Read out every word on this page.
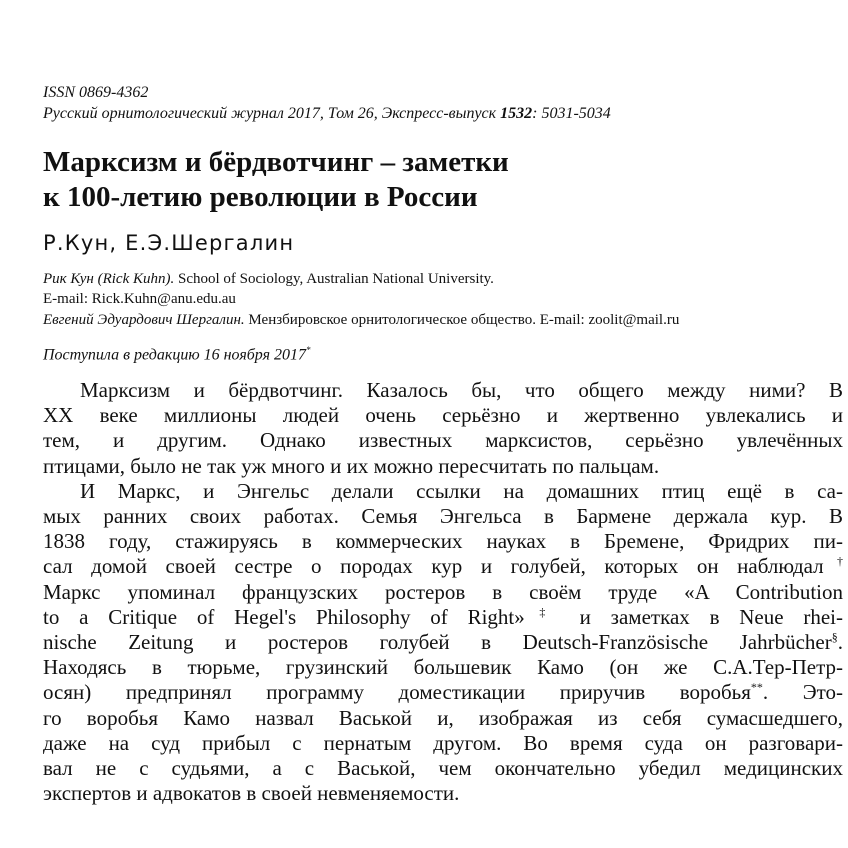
ISSN 0869-4362
Русский орнитологический журнал 2017, Том 26, Экспресс-выпуск 1532: 5031-5034
Марксизм и бёрдвотчинг – заметки
к 100-летию революции в России
Р.Кун, Е.Э.Шергалин
Рик Кун (Rick Kuhn). School of Sociology, Australian National University.
E-mail: Rick.Kuhn@anu.edu.au
Евгений Эдуардович Шергалин. Мензбировское орнитологическое общество. E-mail: zoolit@mail.ru
Поступила в редакцию 16 ноября 2017*
Марксизм и бёрдвотчинг. Казалось бы, что общего между ними? В
XX веке миллионы людей очень серьёзно и жертвенно увлекались и
тем, и другим. Однако известных марксистов, серьёзно увлечённых
птицами, было не так уж много и их можно пересчитать по пальцам.
И Маркс, и Энгельс делали ссылки на домашних птиц ещё в са-
мых ранних своих работах. Семья Энгельса в Бармене держала кур. В
1838 году, стажируясь в коммерческих науках в Бремене, Фридрих пи-
сал домой своей сестре о породах кур и голубей, которых он наблюдал†
Маркс упоминал французских ростеров в своём труде «A Contribution
to a Critique of Hegel's Philosophy of Right»‡ и заметках в Neue rhei-
nische Zeitung и ростеров голубей в Deutsch-Französische Jahrbücher§.
Находясь в тюрьме, грузинский большевик Камо (он же С.А.Тер-Петр-
осян) предпринял программу доместикации приручив воробья**. Это-
го воробья Камо назвал Васькой и, изображая из себя сумасшедшего,
даже на суд прибыл с пернатым другом. Во время суда он разговари-
вал не с судьями, а с Васькой, чем окончательно убедил медицинских
экспертов и адвокатов в своей невменяемости.
